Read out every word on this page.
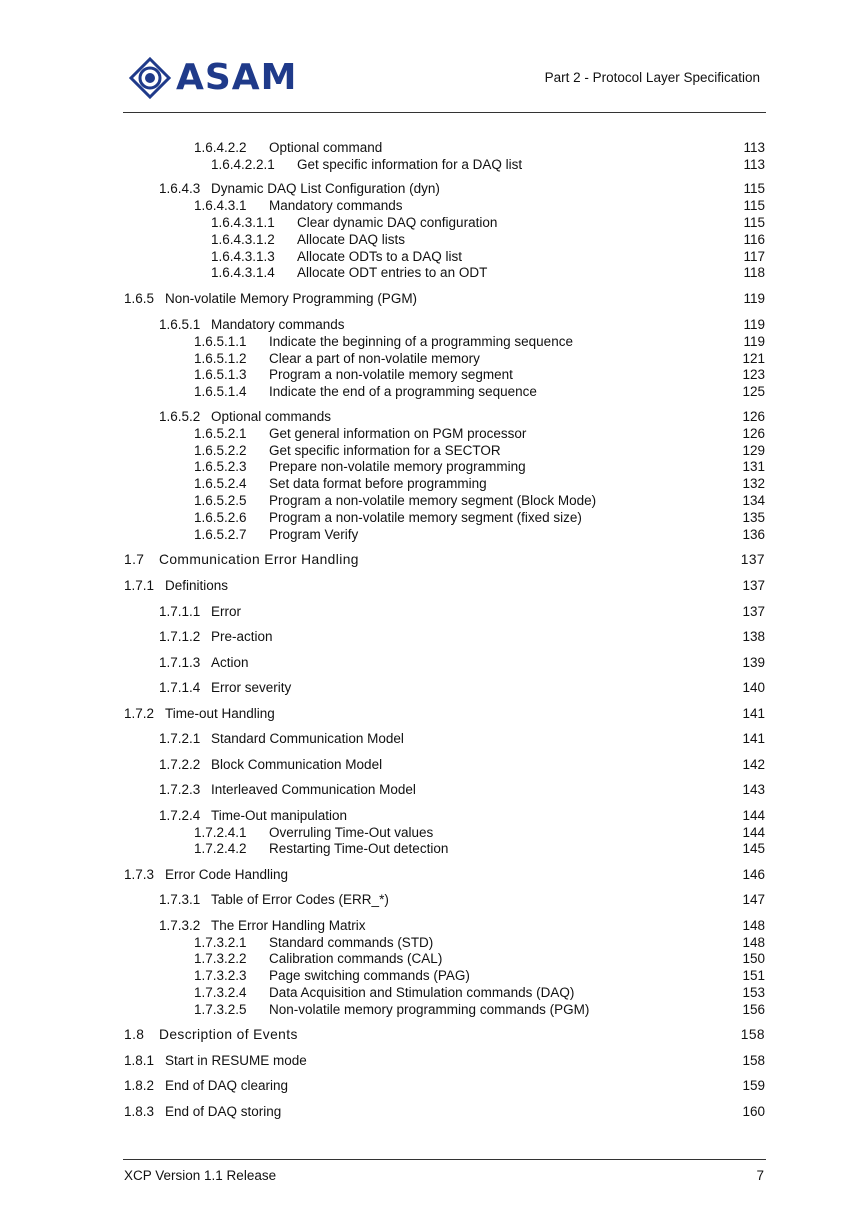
ASAM	Part 2 - Protocol Layer Specification
1.6.4.2.2 Optional command	113
1.6.4.2.2.1 Get specific information for a DAQ list	113
1.6.4.3 Dynamic DAQ List Configuration (dyn)	115
1.6.4.3.1 Mandatory commands	115
1.6.4.3.1.1 Clear dynamic DAQ configuration	115
1.6.4.3.1.2 Allocate DAQ lists	116
1.6.4.3.1.3 Allocate ODTs to a DAQ list	117
1.6.4.3.1.4 Allocate ODT entries to an ODT	118
1.6.5 Non-volatile Memory Programming (PGM)	119
1.6.5.1 Mandatory commands	119
1.6.5.1.1 Indicate the beginning of a programming sequence	119
1.6.5.1.2 Clear a part of non-volatile memory	121
1.6.5.1.3 Program a non-volatile memory segment	123
1.6.5.1.4 Indicate the end of a programming sequence	125
1.6.5.2 Optional commands	126
1.6.5.2.1 Get general information on PGM processor	126
1.6.5.2.2 Get specific information for a SECTOR	129
1.6.5.2.3 Prepare non-volatile memory programming	131
1.6.5.2.4 Set data format before programming	132
1.6.5.2.5 Program a non-volatile memory segment (Block Mode)	134
1.6.5.2.6 Program a non-volatile memory segment (fixed size)	135
1.6.5.2.7 Program Verify	136
1.7 Communication Error Handling	137
1.7.1 Definitions	137
1.7.1.1 Error	137
1.7.1.2 Pre-action	138
1.7.1.3 Action	139
1.7.1.4 Error severity	140
1.7.2 Time-out Handling	141
1.7.2.1 Standard Communication Model	141
1.7.2.2 Block Communication Model	142
1.7.2.3 Interleaved Communication Model	143
1.7.2.4 Time-Out manipulation	144
1.7.2.4.1 Overruling Time-Out values	144
1.7.2.4.2 Restarting Time-Out detection	145
1.7.3 Error Code Handling	146
1.7.3.1 Table of Error Codes (ERR_*)	147
1.7.3.2 The Error Handling Matrix	148
1.7.3.2.1 Standard commands (STD)	148
1.7.3.2.2 Calibration commands (CAL)	150
1.7.3.2.3 Page switching commands (PAG)	151
1.7.3.2.4 Data Acquisition and Stimulation commands (DAQ)	153
1.7.3.2.5 Non-volatile memory programming commands (PGM)	156
1.8 Description of Events	158
1.8.1 Start in RESUME mode	158
1.8.2 End of DAQ clearing	159
1.8.3 End of DAQ storing	160
XCP Version 1.1 Release	7
